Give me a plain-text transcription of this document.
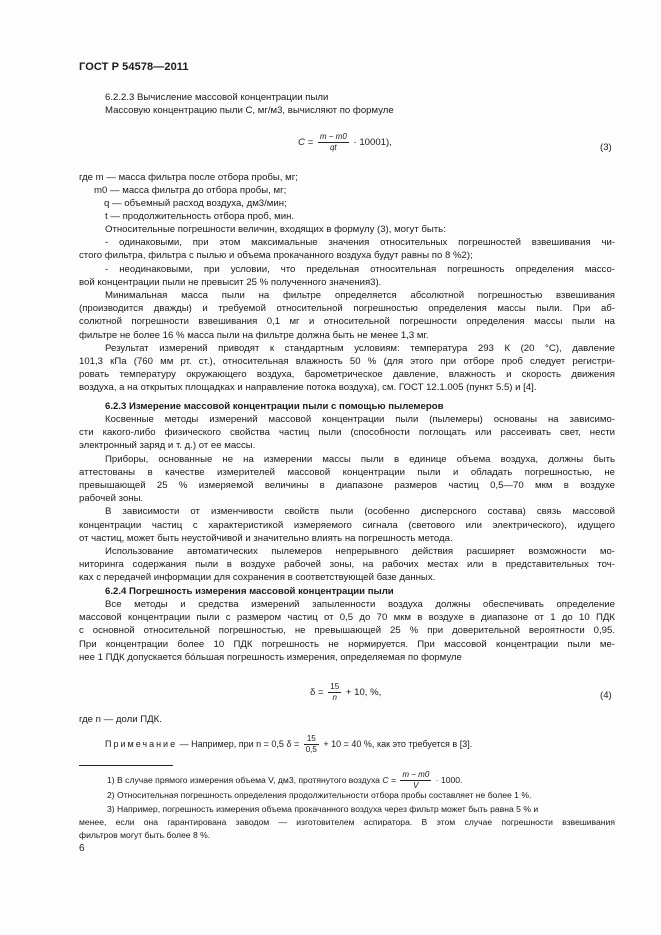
ГОСТ Р 54578—2011
6.2.2.3 Вычисление массовой концентрации пыли
Массовую концентрацию пыли C, мг/м3, вычисляют по формуле
$C = \frac{m - m0}{qt} \cdot 10001$),	(3)
где m — масса фильтра после отбора пробы, мг;
m0 — масса фильтра до отбора пробы, мг;
q — объемный расход воздуха, дм3/мин;
t — продолжительность отбора проб, мин.
Относительные погрешности величин, входящих в формулу (3), могут быть:
- одинаковыми, при этом максимальные значения относительных погрешностей взвешивания чи-
стого фильтра, фильтра с пылью и объема прокачанного воздуха будут равны по 8 %2);
- неодинаковыми, при условии, что предельная относительная погрешность определения массо-
вой концентрации пыли не превысит 25 % полученного значения3).
Минимальная масса пыли на фильтре определяется абсолютной погрешностью взвешивания
(производится дважды) и требуемой относительной погрешностью определения массы пыли. При аб-
солютной погрешности взвешивания 0,1 мг и относительной погрешности определения массы пыли на
фильтре не более 16 % масса пыли на фильтре должна быть не менее 1,3 мг.
Результат измерений приводят к стандартным условиям: температура 293 К (20 °С), давление
101,3 кПа (760 мм рт. ст.), относительная влажность 50 % (для этого при отборе проб следует регистри-
ровать температуру окружающего воздуха, барометрическое давление, влажность и скорость движения
воздуха, а на открытых площадках и направление потока воздуха), см. ГОСТ 12.1.005 (пункт 5.5) и [4].
6.2.3 Измерение массовой концентрации пыли с помощью пылемеров
Косвенные методы измерений массовой концентрации пыли (пылемеры) основаны на зависимо-
сти какого-либо физического свойства частиц пыли (способности поглощать или рассеивать свет, нести
электронный заряд и т. д.) от ее массы.
Приборы, основанные не на измерении массы пыли в единице объема воздуха, должны быть
аттестованы в качестве измерителей массовой концентрации пыли и обладать погрешностью, не
превышающей 25 % измеряемой величины в диапазоне размеров частиц 0,5—70 мкм в воздухе
рабочей зоны.
В зависимости от изменчивости свойств пыли (особенно дисперсного состава) связь массовой
концентрации частиц с характеристикой измеряемого сигнала (светового или электрического), идущего
от частиц, может быть неустойчивой и значительно влиять на погрешность метода.
Использование автоматических пылемеров непрерывного действия расширяет возможности мо-
ниторинга содержания пыли в воздухе рабочей зоны, на рабочих местах или в представительных точ-
ках с передачей информации для сохранения в соответствующей базе данных.
6.2.4 Погрешность измерения массовой концентрации пыли
Все методы и средства измерений запыленности воздуха должны обеспечивать определение
массовой концентрации пыли с размером частиц от 0,5 до 70 мкм в воздухе в диапазоне от 1 до 10 ПДК
с основной относительной погрешностью, не превышающей 25 % при доверительной вероятности 0,95.
При концентрации более 10 ПДК погрешность не нормируется. При массовой концентрации пыли ме-
нее 1 ПДК допускается бо́льшая погрешность измерения, определяемая по формуле
$\delta = \frac{15}{n} + 10$, %,	(4)
где n — доли ПДК.
Примечание — Например, при n = 0,5 $\delta = \frac{15}{0,5} + 10 = 40$ %, как это требуется в [3].
1) В случае прямого измерения объема V, дм3, протянутого воздуха $C = \frac{m - m0}{V} \cdot 1000$.
2) Относительная погрешность определения продолжительности отбора пробы составляет не более 1 %.
3) Например, погрешность измерения объема прокачанного воздуха через фильтр может быть равна 5 % и
менее, если она гарантирована заводом — изготовителем аспиратора. В этом случае погрешности взвешивания
фильтров могут быть более 8 %.
6
